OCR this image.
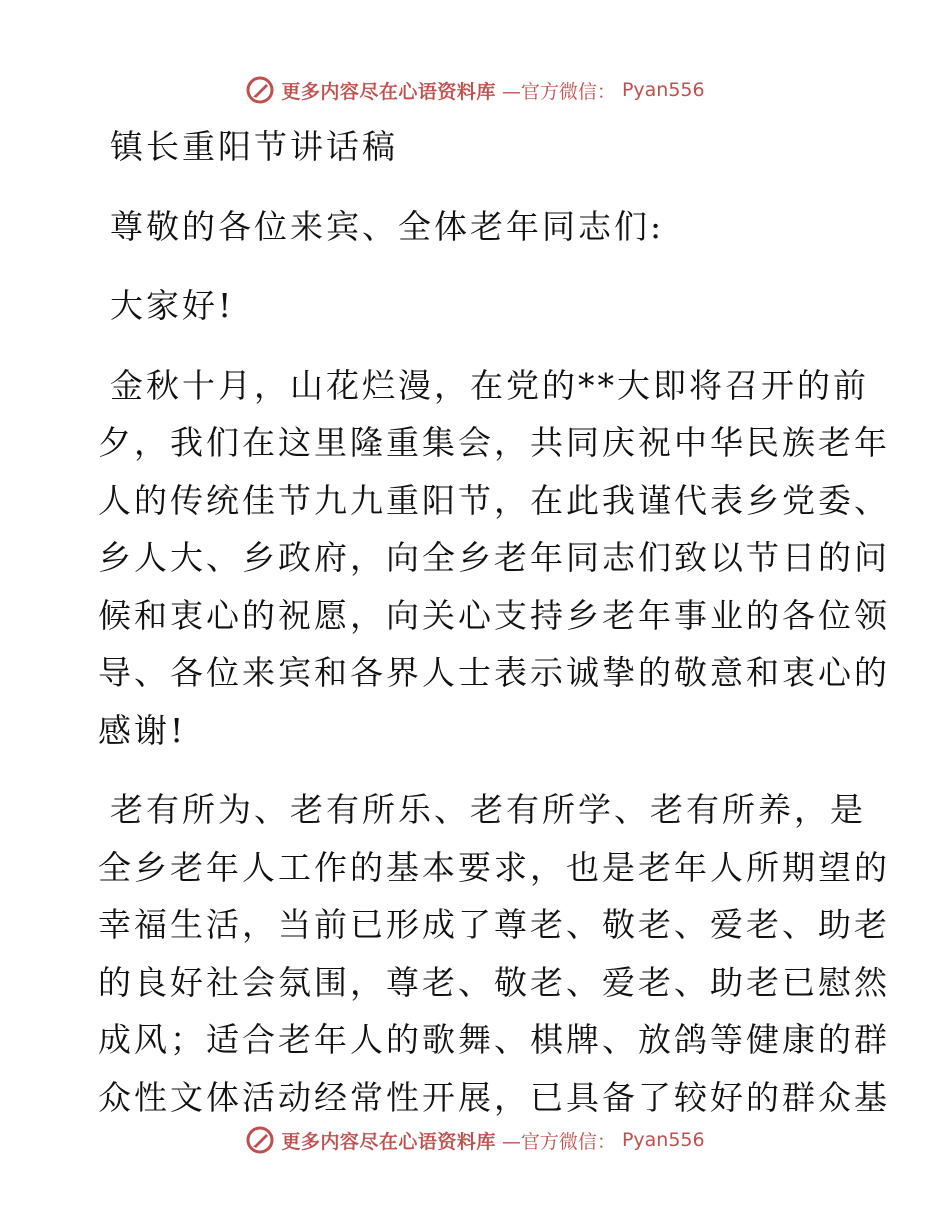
更多内容尽在心语资料库 —官方微信： Pyan556

镇长重阳节讲话稿

尊敬的各位来宾、全体老年同志们:

大家好!

金秋十月，山花烂漫，在党的**大即将召开的前

夕，我们在这里隆重集会，共同庆祝中华民族老年

人的传统佳节九九重阳节，在此我谨代表乡党委、

乡人大、乡政府，向全乡老年同志们致以节日的问

候和衷心的祝愿，向关心支持乡老年事业的各位领

导、各位来宾和各界人士表示诚挚的敬意和衷心的

感谢!

老有所为、老有所乐、老有所学、老有所养，是

全乡老年人工作的基本要求，也是老年人所期望的

幸福生活，当前已形成了尊老、敬老、爱老、助老

的良好社会氛围，尊老、敬老、爱老、助老已慰然

成风；适合老年人的歌舞、棋牌、放鸽等健康的群

众性文体活动经常性开展，已具备了较好的群众基

更多内容尽在心语资料库 —官方微信： Pyan556
